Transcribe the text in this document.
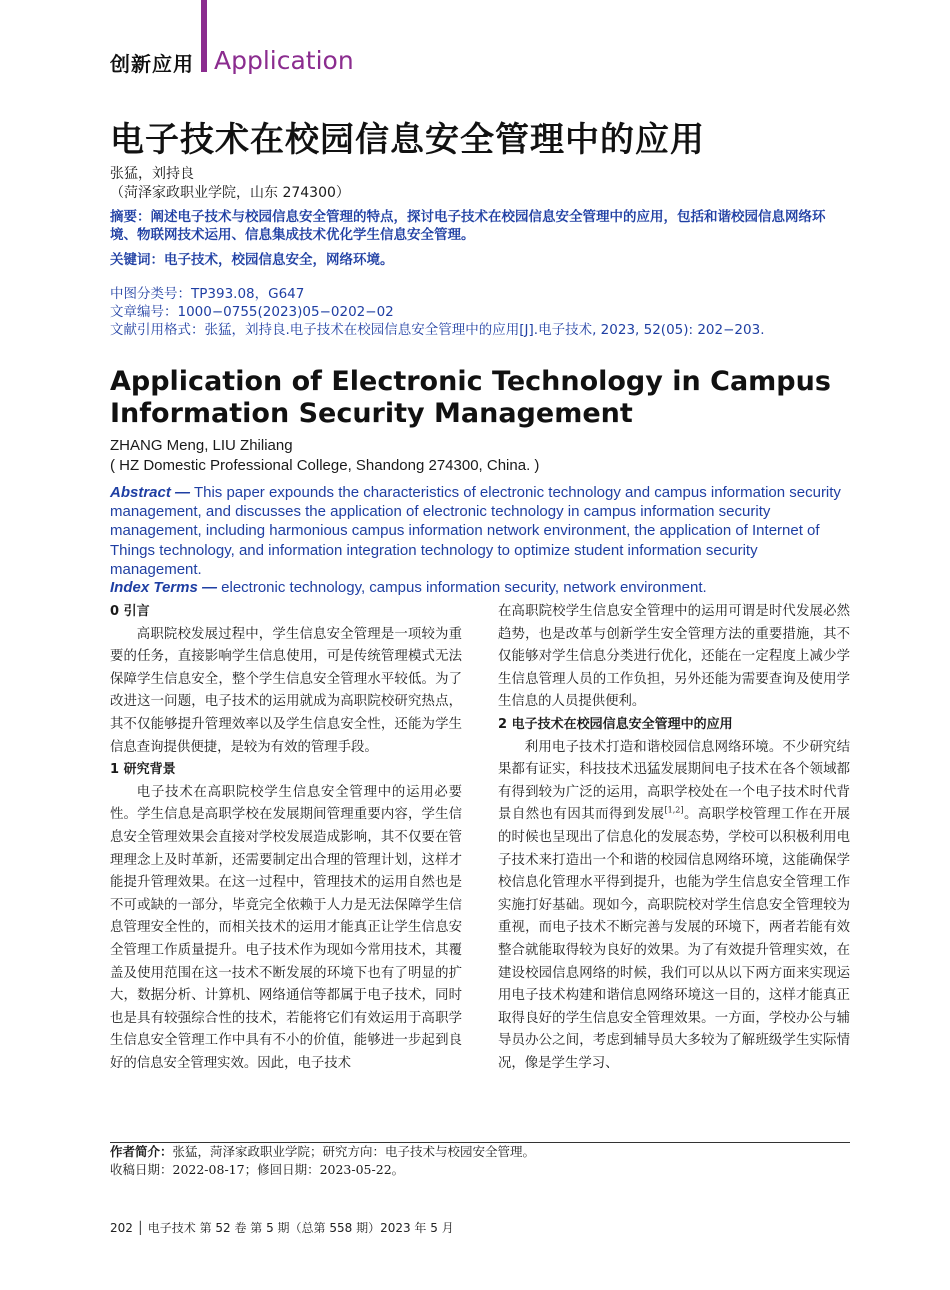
创新应用 Application
电子技术在校园信息安全管理中的应用
张猛，刘持良
（菏泽家政职业学院，山东 274300）
摘要：阐述电子技术与校园信息安全管理的特点，探讨电子技术在校园信息安全管理中的应用，包括和谐校园信息网络环境、物联网技术运用、信息集成技术优化学生信息安全管理。
关键词：电子技术，校园信息安全，网络环境。
中图分类号：TP393.08，G647
文章编号：1000−0755(2023)05−0202−02
文献引用格式：张猛，刘持良.电子技术在校园信息安全管理中的应用[J].电子技术, 2023, 52(05): 202−203.
Application of Electronic Technology in Campus Information Security Management
ZHANG Meng, LIU Zhiliang
( HZ Domestic Professional College, Shandong 274300, China. )
Abstract — This paper expounds the characteristics of electronic technology and campus information security management, and discusses the application of electronic technology in campus information security management, including harmonious campus information network environment, the application of Internet of Things technology, and information integration technology to optimize student information security management.
Index Terms — electronic technology, campus information security, network environment.
0 引言

高职院校发展过程中，学生信息安全管理是一项较为重要的任务，直接影响学生信息使用，可是传统管理模式无法保障学生信息安全，整个学生信息安全管理水平较低。为了改进这一问题，电子技术的运用就成为高职院校研究热点，其不仅能够提升管理效率以及学生信息安全性，还能为学生信息查询提供便捷，是较为有效的管理手段。

1 研究背景

电子技术在高职院校学生信息安全管理中的运用必要性。学生信息是高职学校在发展期间管理重要内容，学生信息安全管理效果会直接对学校发展造成影响，其不仅要在管理理念上及时革新，还需要制定出合理的管理计划，这样才能提升管理效果。在这一过程中，管理技术的运用自然也是不可或缺的一部分，毕竟完全依赖于人力是无法保障学生信息管理安全性的，而相关技术的运用才能真正让学生信息安全管理工作质量提升。电子技术作为现如今常用技术，其覆盖及使用范围在这一技术不断发展的环境下也有了明显的扩大，数据分析、计算机、网络通信等都属于电子技术，同时也是具有较强综合性的技术，若能将它们有效运用于高职学生信息安全管理工作中具有不小的价值，能够进一步起到良好的信息安全管理实效。因此，电子技术

在高职院校学生信息安全管理中的运用可谓是时代发展必然趋势，也是改革与创新学生安全管理方法的重要措施，其不仅能够对学生信息分类进行优化，还能在一定程度上减少学生信息管理人员的工作负担，另外还能为需要查询及使用学生信息的人员提供便利。

2 电子技术在校园信息安全管理中的应用

利用电子技术打造和谐校园信息网络环境。不少研究结果都有证实，科技技术迅猛发展期间电子技术在各个领域都有得到较为广泛的运用，高职学校处在一个电子技术时代背景自然也有因其而得到发展[1,2]。高职学校管理工作在开展的时候也呈现出了信息化的发展态势，学校可以积极利用电子技术来打造出一个和谐的校园信息网络环境，这能确保学校信息化管理水平得到提升，也能为学生信息安全管理工作实施打好基础。现如今，高职院校对学生信息安全管理较为重视，而电子技术不断完善与发展的环境下，两者若能有效整合就能取得较为良好的效果。为了有效提升管理实效，在建设校园信息网络的时候，我们可以从以下两方面来实现运用电子技术构建和谐信息网络环境这一目的，这样才能真正取得良好的学生信息安全管理效果。一方面，学校办公与辅导员办公之间，考虑到辅导员大多较为了解班级学生实际情况，像是学生学习、

作者简介：张猛，菏泽家政职业学院；研究方向：电子技术与校园安全管理。
收稿日期：2022-08-17；修回日期：2023-05-22。
202 │ 电子技术 第 52 卷 第 5 期（总第 558 期）2023 年 5 月
